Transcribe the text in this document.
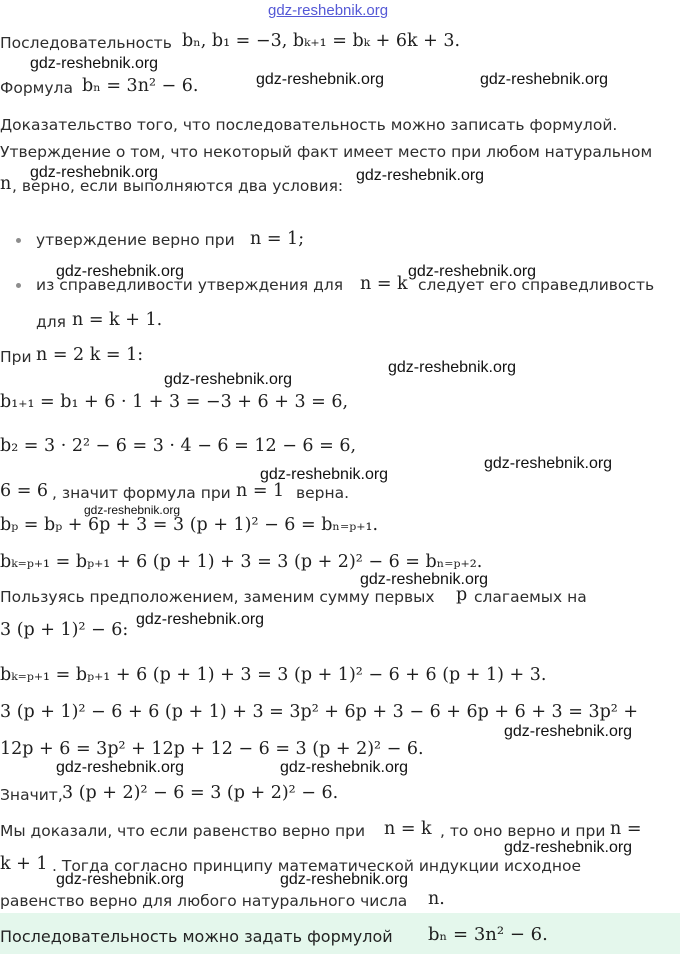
gdz-reshebnik.org
Последовательность bₙ, b₁ = −3, bₖ₊₁ = bₖ + 6k + 3.
Формула bₙ = 3n² − 6.
Доказательство того, что последовательность можно записать формулой.
Утверждение о том, что некоторый факт имеет место при любом натуральном
n , верно, если выполняются два условия:
утверждение верно при n = 1;
из справедливости утверждения для n = k следует его справедливость
для n = k + 1.
При n = 2 k = 1:
b₁₊₁ = b₁ + 6 · 1 + 3 = −3 + 6 + 3 = 6,
b₂ = 3 · 2² − 6 = 3 · 4 − 6 = 12 − 6 = 6,
6 = 6 , значит формула при n = 1 верна.
bₚ = bₚ + 6p + 3 = 3 (p + 1)² − 6 = bₙ₌ₚ₊₁.
bₖ₌ₚ₊₁ = bₚ₊₁ + 6 (p + 1) + 3 = 3 (p + 2)² − 6 = bₙ₌ₚ₊₂.
Пользуясь предположением, заменим сумму первых p слагаемых на
3 (p + 1)² − 6:
bₖ₌ₚ₊₁ = bₚ₊₁ + 6 (p + 1) + 3 = 3 (p + 1)² − 6 + 6 (p + 1) + 3.
3 (p + 1)² − 6 + 6 (p + 1) + 3 = 3p² + 6p + 3 − 6 + 6p + 6 + 3 = 3p² +
12p + 6 = 3p² + 12p + 12 − 6 = 3 (p + 2)² − 6.
Значит, 3 (p + 2)² − 6 = 3 (p + 2)² − 6.
Мы доказали, что если равенство верно при n = k , то оно верно и при n =
k + 1 . Тогда согласно принципу математической индукции исходное
равенство верно для любого натурального числа n.
Последовательность можно задать формулой bₙ = 3n² − 6.
gdz-reshebnik.org
gdz-reshebnik.org	gdz-reshebnik.org
gdz-reshebnik.org	gdz-reshebnik.org
gdz-reshebnik.org	gdz-reshebnik.org
gdz-reshebnik.org
gdz-reshebnik.org
gdz-reshebnik.org
gdz-reshebnik.org
gdz-reshebnik.org
gdz-reshebnik.org
gdz-reshebnik.org
gdz-reshebnik.org
gdz-reshebnik.org	gdz-reshebnik.org
gdz-reshebnik.org
gdz-reshebnik.org	gdz-reshebnik.org
